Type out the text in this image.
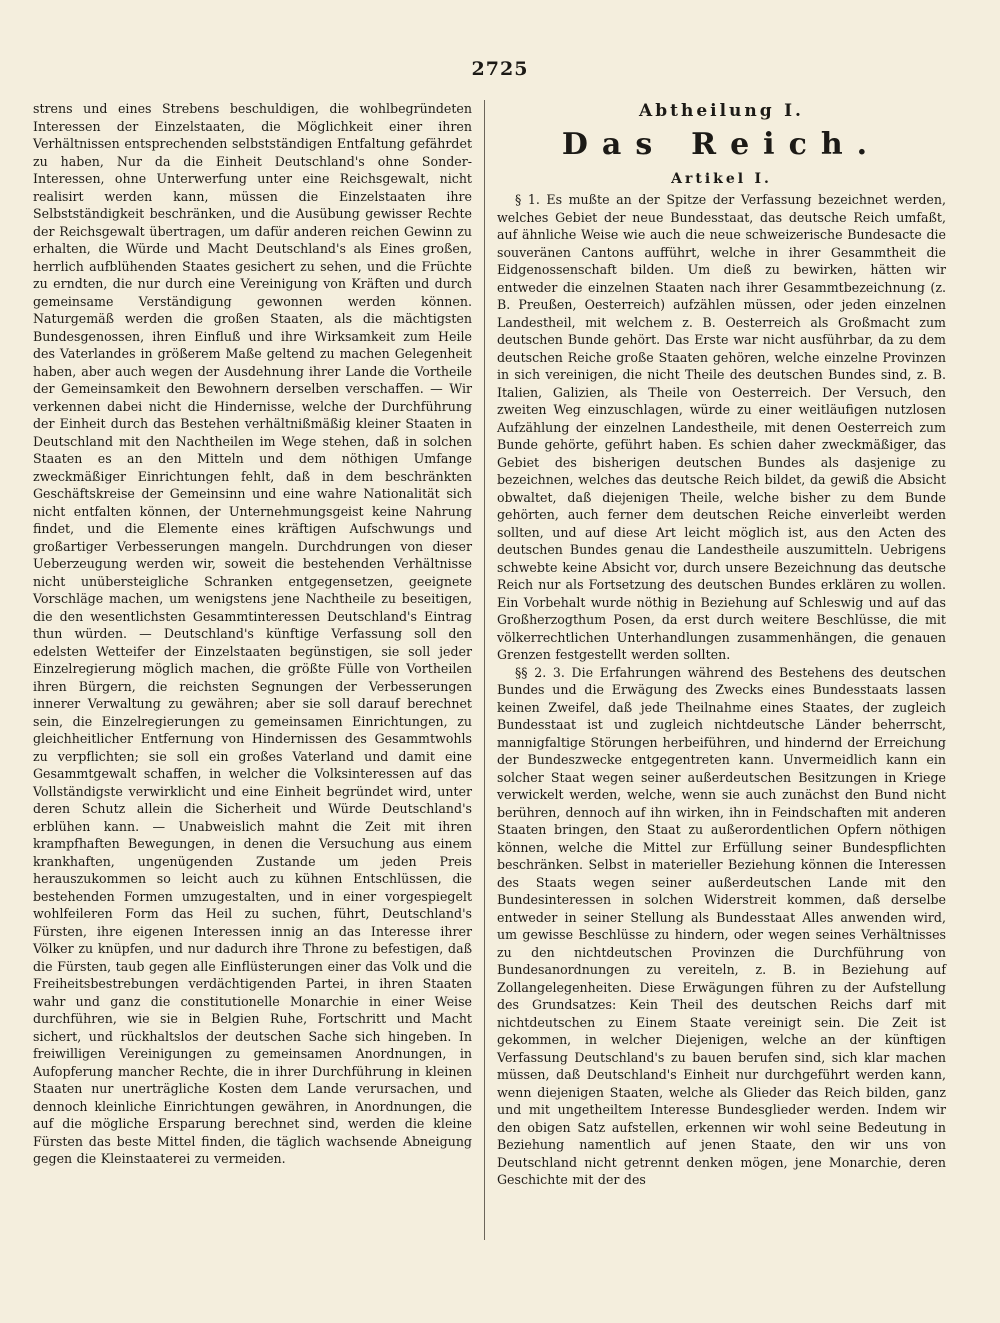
2725

strens und eines Strebens beschuldigen, die wohlbegründeten Interessen der Einzelstaaten, die Möglichkeit einer ihren Verhältnissen entsprechenden selbstständigen Entfaltung gefährdet zu haben, Nur da die Einheit Deutschland's ohne Sonder-Interessen, ohne Unterwerfung unter eine Reichsgewalt, nicht realisirt werden kann, müssen die Einzelstaaten ihre Selbstständigkeit beschränken, und die Ausübung gewisser Rechte der Reichsgewalt übertragen, um dafür anderen reichen Gewinn zu erhalten, die Würde und Macht Deutschland's als Eines großen, herrlich aufblühenden Staates gesichert zu sehen, und die Früchte zu erndten, die nur durch eine Vereinigung von Kräften und durch gemeinsame Verständigung gewonnen werden können. Naturgemäß werden die großen Staaten, als die mächtigsten Bundesgenossen, ihren Einfluß und ihre Wirksamkeit zum Heile des Vaterlandes in größerem Maße geltend zu machen Gelegenheit haben, aber auch wegen der Ausdehnung ihrer Lande die Vortheile der Gemeinsamkeit den Bewohnern derselben verschaffen. — Wir verkennen dabei nicht die Hindernisse, welche der Durchführung der Einheit durch das Bestehen verhältnißmäßig kleiner Staaten in Deutschland mit den Nachtheilen im Wege stehen, daß in solchen Staaten es an den Mitteln und dem nöthigen Umfange zweckmäßiger Einrichtungen fehlt, daß in dem beschränkten Geschäftskreise der Gemeinsinn und eine wahre Nationalität sich nicht entfalten können, der Unternehmungsgeist keine Nahrung findet, und die Elemente eines kräftigen Aufschwungs und großartiger Verbesserungen mangeln. Durchdrungen von dieser Ueberzeugung werden wir, soweit die bestehenden Verhältnisse nicht unübersteigliche Schranken entgegensetzen, geeignete Vorschläge machen, um wenigstens jene Nachtheile zu beseitigen, die den wesentlichsten Gesammtinteressen Deutschland's Eintrag thun würden. — Deutschland's künftige Verfassung soll den edelsten Wetteifer der Einzelstaaten begünstigen, sie soll jeder Einzelregierung möglich machen, die größte Fülle von Vortheilen ihren Bürgern, die reichsten Segnungen der Verbesserungen innerer Verwaltung zu gewähren; aber sie soll darauf berechnet sein, die Einzelregierungen zu gemeinsamen Einrichtungen, zu gleichheitlicher Entfernung von Hindernissen des Gesammtwohls zu verpflichten; sie soll ein großes Vaterland und damit eine Gesammtgewalt schaffen, in welcher die Volksinteressen auf das Vollständigste verwirklicht und eine Einheit begründet wird, unter deren Schutz allein die Sicherheit und Würde Deutschland's erblühen kann. — Unabweislich mahnt die Zeit mit ihren krampfhaften Bewegungen, in denen die Versuchung aus einem krankhaften, ungenügenden Zustande um jeden Preis herauszukommen so leicht auch zu kühnen Entschlüssen, die bestehenden Formen umzugestalten, und in einer vorgespiegelt wohlfeileren Form das Heil zu suchen, führt, Deutschland's Fürsten, ihre eigenen Interessen innig an das Interesse ihrer Völker zu knüpfen, und nur dadurch ihre Throne zu befestigen, daß die Fürsten, taub gegen alle Einflüsterungen einer das Volk und die Freiheitsbestrebungen verdächtigenden Partei, in ihren Staaten wahr und ganz die constitutionelle Monarchie in einer Weise durchführen, wie sie in Belgien Ruhe, Fortschritt und Macht sichert, und rückhaltslos der deutschen Sache sich hingeben. In freiwilligen Vereinigungen zu gemeinsamen Anordnungen, in Aufopferung mancher Rechte, die in ihrer Durchführung in kleinen Staaten nur unerträgliche Kosten dem Lande verursachen, und dennoch kleinliche Einrichtungen gewähren, in Anordnungen, die auf die mögliche Ersparung berechnet sind, werden die kleine Fürsten das beste Mittel finden, die täglich wachsende Abneigung gegen die Kleinstaaterei zu vermeiden.

Abtheilung I.
Das Reich.
Artikel I.

§ 1. Es mußte an der Spitze der Verfassung bezeichnet werden, welches Gebiet der neue Bundesstaat, das deutsche Reich umfaßt, auf ähnliche Weise wie auch die neue schweizerische Bundesacte die souveränen Cantons aufführt, welche in ihrer Gesammtheit die Eidgenossenschaft bilden. Um dieß zu bewirken, hätten wir entweder die einzelnen Staaten nach ihrer Gesammtbezeichnung (z. B. Preußen, Oesterreich) aufzählen müssen, oder jeden einzelnen Landestheil, mit welchem z. B. Oesterreich als Großmacht zum deutschen Bunde gehört. Das Erste war nicht ausführbar, da zu dem deutschen Reiche große Staaten gehören, welche einzelne Provinzen in sich vereinigen, die nicht Theile des deutschen Bundes sind, z. B. Italien, Galizien, als Theile von Oesterreich. Der Versuch, den zweiten Weg einzuschlagen, würde zu einer weitläufigen nutzlosen Aufzählung der einzelnen Landestheile, mit denen Oesterreich zum Bunde gehörte, geführt haben. Es schien daher zweckmäßiger, das Gebiet des bisherigen deutschen Bundes als dasjenige zu bezeichnen, welches das deutsche Reich bildet, da gewiß die Absicht obwaltet, daß diejenigen Theile, welche bisher zu dem Bunde gehörten, auch ferner dem deutschen Reiche einverleibt werden sollten, und auf diese Art leicht möglich ist, aus den Acten des deutschen Bundes genau die Landestheile auszumitteln. Uebrigens schwebte keine Absicht vor, durch unsere Bezeichnung das deutsche Reich nur als Fortsetzung des deutschen Bundes erklären zu wollen. Ein Vorbehalt wurde nöthig in Beziehung auf Schleswig und auf das Großherzogthum Posen, da erst durch weitere Beschlüsse, die mit völkerrechtlichen Unterhandlungen zusammenhängen, die genauen Grenzen festgestellt werden sollten.

§§ 2. 3. Die Erfahrungen während des Bestehens des deutschen Bundes und die Erwägung des Zwecks eines Bundesstaats lassen keinen Zweifel, daß jede Theilnahme eines Staates, der zugleich Bundesstaat ist und zugleich nichtdeutsche Länder beherrscht, mannigfaltige Störungen herbeiführen, und hindernd der Erreichung der Bundeszwecke entgegentreten kann. Unvermeidlich kann ein solcher Staat wegen seiner außerdeutschen Besitzungen in Kriege verwickelt werden, welche, wenn sie auch zunächst den Bund nicht berühren, dennoch auf ihn wirken, ihn in Feindschaften mit anderen Staaten bringen, den Staat zu außerordentlichen Opfern nöthigen können, welche die Mittel zur Erfüllung seiner Bundespflichten beschränken. Selbst in materieller Beziehung können die Interessen des Staats wegen seiner außerdeutschen Lande mit den Bundesinteressen in solchen Widerstreit kommen, daß derselbe entweder in seiner Stellung als Bundesstaat Alles anwenden wird, um gewisse Beschlüsse zu hindern, oder wegen seines Verhältnisses zu den nichtdeutschen Provinzen die Durchführung von Bundesanordnungen zu vereiteln, z. B. in Beziehung auf Zollangelegenheiten. Diese Erwägungen führen zu der Aufstellung des Grundsatzes: Kein Theil des deutschen Reichs darf mit nichtdeutschen zu Einem Staate vereinigt sein. Die Zeit ist gekommen, in welcher Diejenigen, welche an der künftigen Verfassung Deutschland's zu bauen berufen sind, sich klar machen müssen, daß Deutschland's Einheit nur durchgeführt werden kann, wenn diejenigen Staaten, welche als Glieder das Reich bilden, ganz und mit ungetheiltem Interesse Bundesglieder werden. Indem wir den obigen Satz aufstellen, erkennen wir wohl seine Bedeutung in Beziehung namentlich auf jenen Staate, den wir uns von Deutschland nicht getrennt denken mögen, jene Monarchie, deren Geschichte mit der des
